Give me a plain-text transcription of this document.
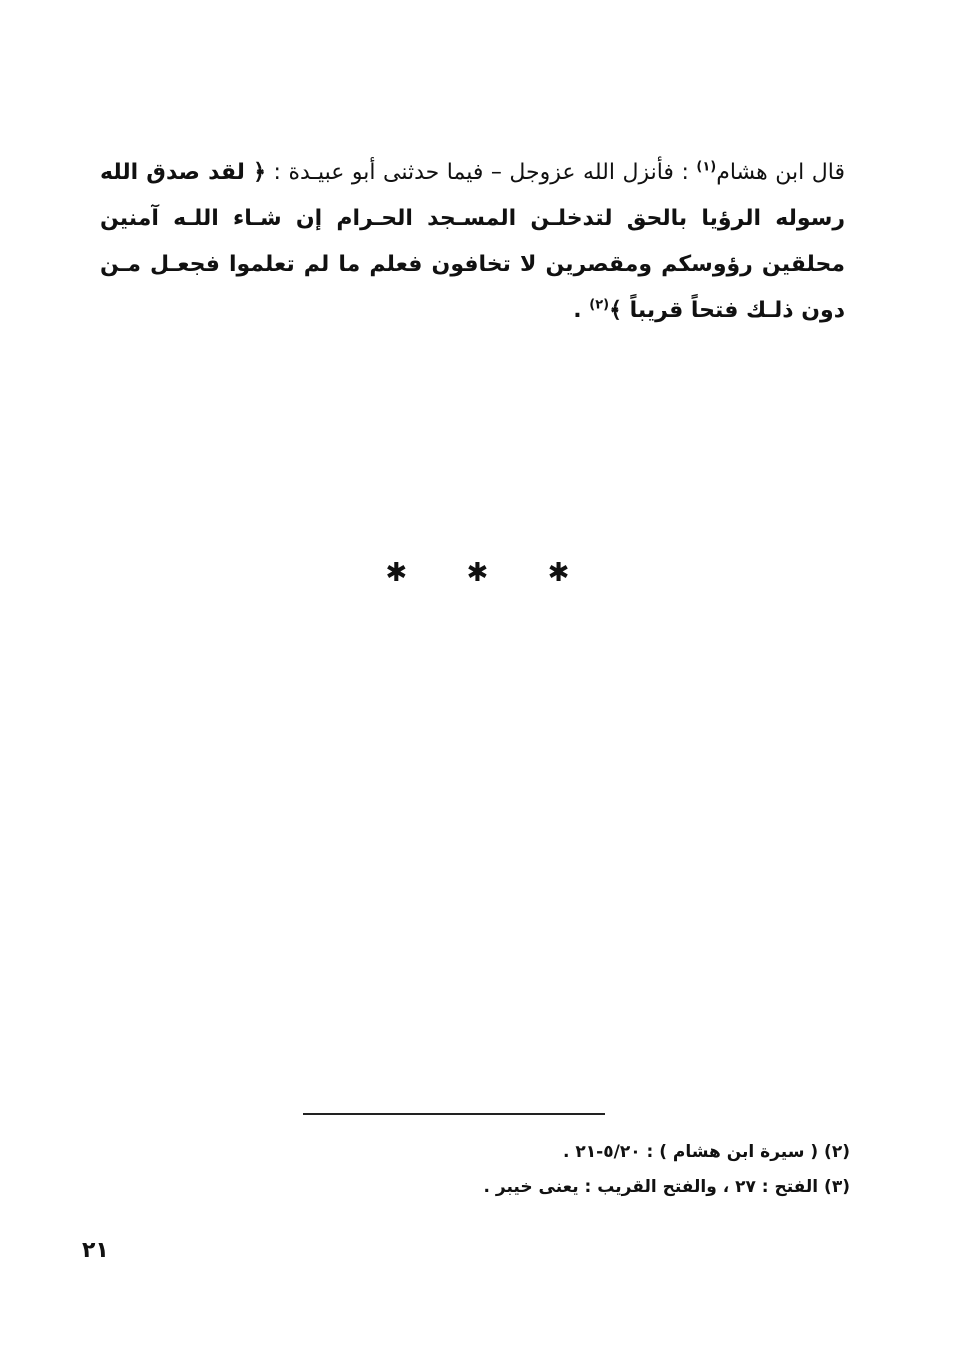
قال ابن هشام$^{(١)}$ : فأنزل الله عزوجل – فيما حدثنى أبو عبيـدة : ﴿ لقد صدق الله رسوله الرؤيا بالحق لتدخلـن المسـجد الحـرام إن شـاء اللـه آمنين محلقين رؤوسكم ومقصرين لا تخافون فعلم ما لم تعلموا فجعـل مـن دون ذلـك فتحاً قريباً ﴾$^{(٢)}$ .

✱ ✱ ✱
(٢) ( سيرة ابن هشام ) : ٥/٢٠-٢١ .
(٣) الفتح : ٢٧ ، والفتح القريب : يعنى خيبر .
٢١
